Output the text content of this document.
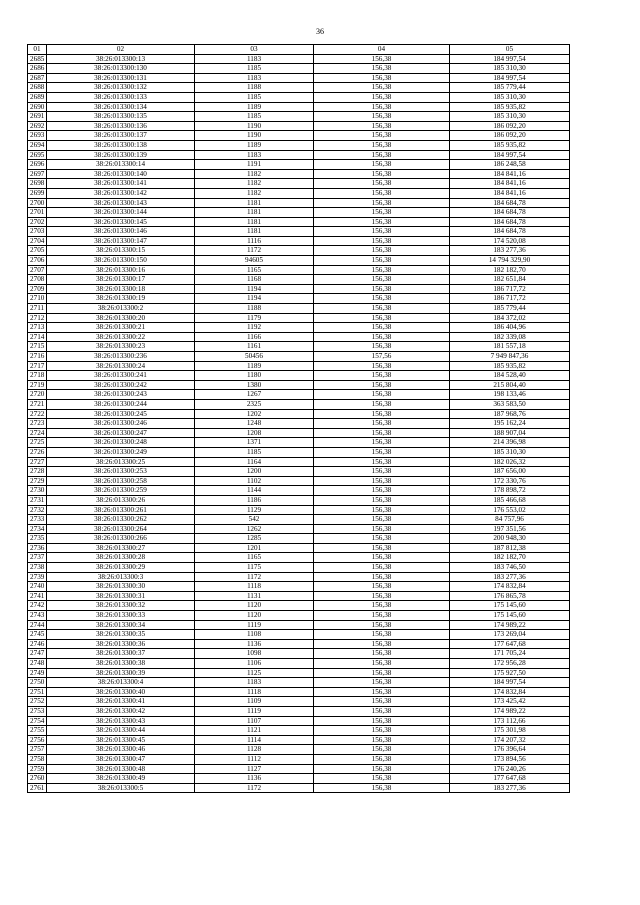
36
01	02	03	04	05
2685	38:26:013300:13	1183	156,38	184 997,54
2686	38:26:013300:130	1185	156,38	185 310,30
2687	38:26:013300:131	1183	156,38	184 997,54
2688	38:26:013300:132	1188	156,38	185 779,44
2689	38:26:013300:133	1185	156,38	185 310,30
2690	38:26:013300:134	1189	156,38	185 935,82
2691	38:26:013300:135	1185	156,38	185 310,30
2692	38:26:013300:136	1190	156,38	186 092,20
2693	38:26:013300:137	1190	156,38	186 092,20
2694	38:26:013300:138	1189	156,38	185 935,82
2695	38:26:013300:139	1183	156,38	184 997,54
2696	38:26:013300:14	1191	156,38	186 248,58
2697	38:26:013300:140	1182	156,38	184 841,16
2698	38:26:013300:141	1182	156,38	184 841,16
2699	38:26:013300:142	1182	156,38	184 841,16
2700	38:26:013300:143	1181	156,38	184 684,78
2701	38:26:013300:144	1181	156,38	184 684,78
2702	38:26:013300:145	1181	156,38	184 684,78
2703	38:26:013300:146	1181	156,38	184 684,78
2704	38:26:013300:147	1116	156,38	174 520,08
2705	38:26:013300:15	1172	156,38	183 277,36
2706	38:26:013300:150	94605	156,38	14 794 329,90
2707	38:26:013300:16	1165	156,38	182 182,70
2708	38:26:013300:17	1168	156,38	182 651,84
2709	38:26:013300:18	1194	156,38	186 717,72
2710	38:26:013300:19	1194	156,38	186 717,72
2711	38:26:013300:2	1188	156,38	185 779,44
2712	38:26:013300:20	1179	156,38	184 372,02
2713	38:26:013300:21	1192	156,38	186 404,96
2714	38:26:013300:22	1166	156,38	182 339,08
2715	38:26:013300:23	1161	156,38	181 557,18
2716	38:26:013300:236	50456	157,56	7 949 847,36
2717	38:26:013300:24	1189	156,38	185 935,82
2718	38:26:013300:241	1180	156,38	184 528,40
2719	38:26:013300:242	1380	156,38	215 804,40
2720	38:26:013300:243	1267	156,38	198 133,46
2721	38:26:013300:244	2325	156,38	363 583,50
2722	38:26:013300:245	1202	156,38	187 968,76
2723	38:26:013300:246	1248	156,38	195 162,24
2724	38:26:013300:247	1208	156,38	188 907,04
2725	38:26:013300:248	1371	156,38	214 396,98
2726	38:26:013300:249	1185	156,38	185 310,30
2727	38:26:013300:25	1164	156,38	182 026,32
2728	38:26:013300:253	1200	156,38	187 656,00
2729	38:26:013300:258	1102	156,38	172 330,76
2730	38:26:013300:259	1144	156,38	178 898,72
2731	38:26:013300:26	1186	156,38	185 466,68
2732	38:26:013300:261	1129	156,38	176 553,02
2733	38:26:013300:262	542	156,38	84 757,96
2734	38:26:013300:264	1262	156,38	197 351,56
2735	38:26:013300:266	1285	156,38	200 948,30
2736	38:26:013300:27	1201	156,38	187 812,38
2737	38:26:013300:28	1165	156,38	182 182,70
2738	38:26:013300:29	1175	156,38	183 746,50
2739	38:26:013300:3	1172	156,38	183 277,36
2740	38:26:013300:30	1118	156,38	174 832,84
2741	38:26:013300:31	1131	156,38	176 865,78
2742	38:26:013300:32	1120	156,38	175 145,60
2743	38:26:013300:33	1120	156,38	175 145,60
2744	38:26:013300:34	1119	156,38	174 989,22
2745	38:26:013300:35	1108	156,38	173 269,04
2746	38:26:013300:36	1136	156,38	177 647,68
2747	38:26:013300:37	1098	156,38	171 705,24
2748	38:26:013300:38	1106	156,38	172 956,28
2749	38:26:013300:39	1125	156,38	175 927,50
2750	38:26:013300:4	1183	156,38	184 997,54
2751	38:26:013300:40	1118	156,38	174 832,84
2752	38:26:013300:41	1109	156,38	173 425,42
2753	38:26:013300:42	1119	156,38	174 989,22
2754	38:26:013300:43	1107	156,38	173 112,66
2755	38:26:013300:44	1121	156,38	175 301,98
2756	38:26:013300:45	1114	156,38	174 207,32
2757	38:26:013300:46	1128	156,38	176 396,64
2758	38:26:013300:47	1112	156,38	173 894,56
2759	38:26:013300:48	1127	156,38	176 240,26
2760	38:26:013300:49	1136	156,38	177 647,68
2761	38:26:013300:5	1172	156,38	183 277,36
